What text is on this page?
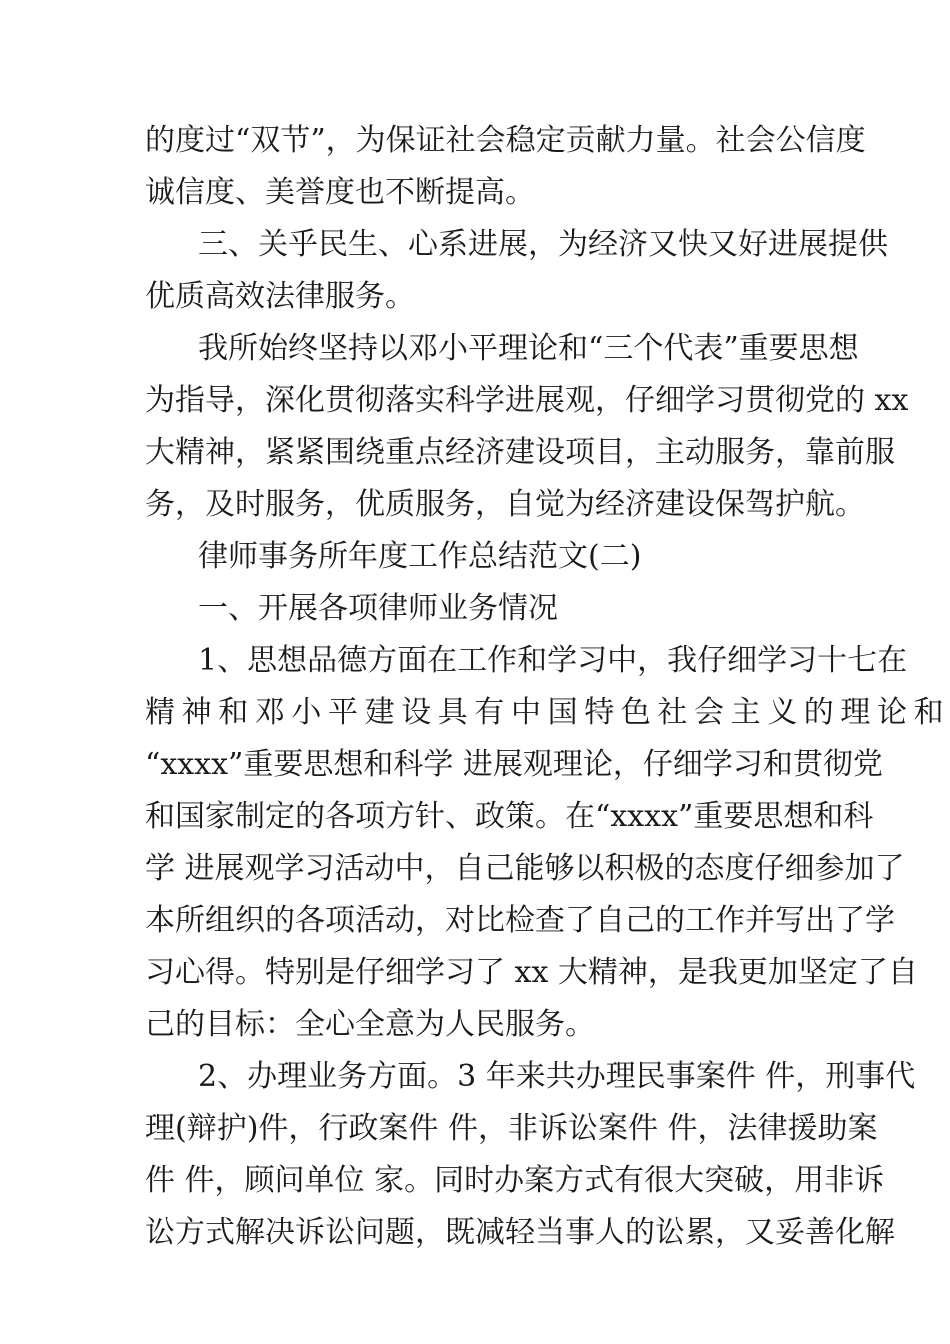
的度过“双节”，为保证社会稳定贡献力量。社会公信度
诚信度、美誉度也不断提高。
三、关乎民生、心系进展，为经济又快又好进展提供
优质高效法律服务。
我所始终坚持以邓小平理论和“三个代表”重要思想
为指导，深化贯彻落实科学进展观，仔细学习贯彻党的 xx
大精神，紧紧围绕重点经济建设项目，主动服务，靠前服
务，及时服务，优质服务，自觉为经济建设保驾护航。
律师事务所年度工作总结范文(二)
一、开展各项律师业务情况
1、思想品德方面在工作和学习中，我仔细学习十七在
精神和邓小平建设具有中国特色社会主义的理论和
“xxxx”重要思想和科学 进展观理论，仔细学习和贯彻党
和国家制定的各项方针、政策。在“xxxx”重要思想和科
学 进展观学习活动中，自己能够以积极的态度仔细参加了
本所组织的各项活动，对比检查了自己的工作并写出了学
习心得。特别是仔细学习了 xx 大精神，是我更加坚定了自
己的目标：全心全意为人民服务。
2、办理业务方面。3 年来共办理民事案件 件，刑事代
理(辩护)件，行政案件 件，非诉讼案件 件，法律援助案
件 件，顾问单位 家。同时办案方式有很大突破，用非诉
讼方式解决诉讼问题，既减轻当事人的讼累，又妥善化解
